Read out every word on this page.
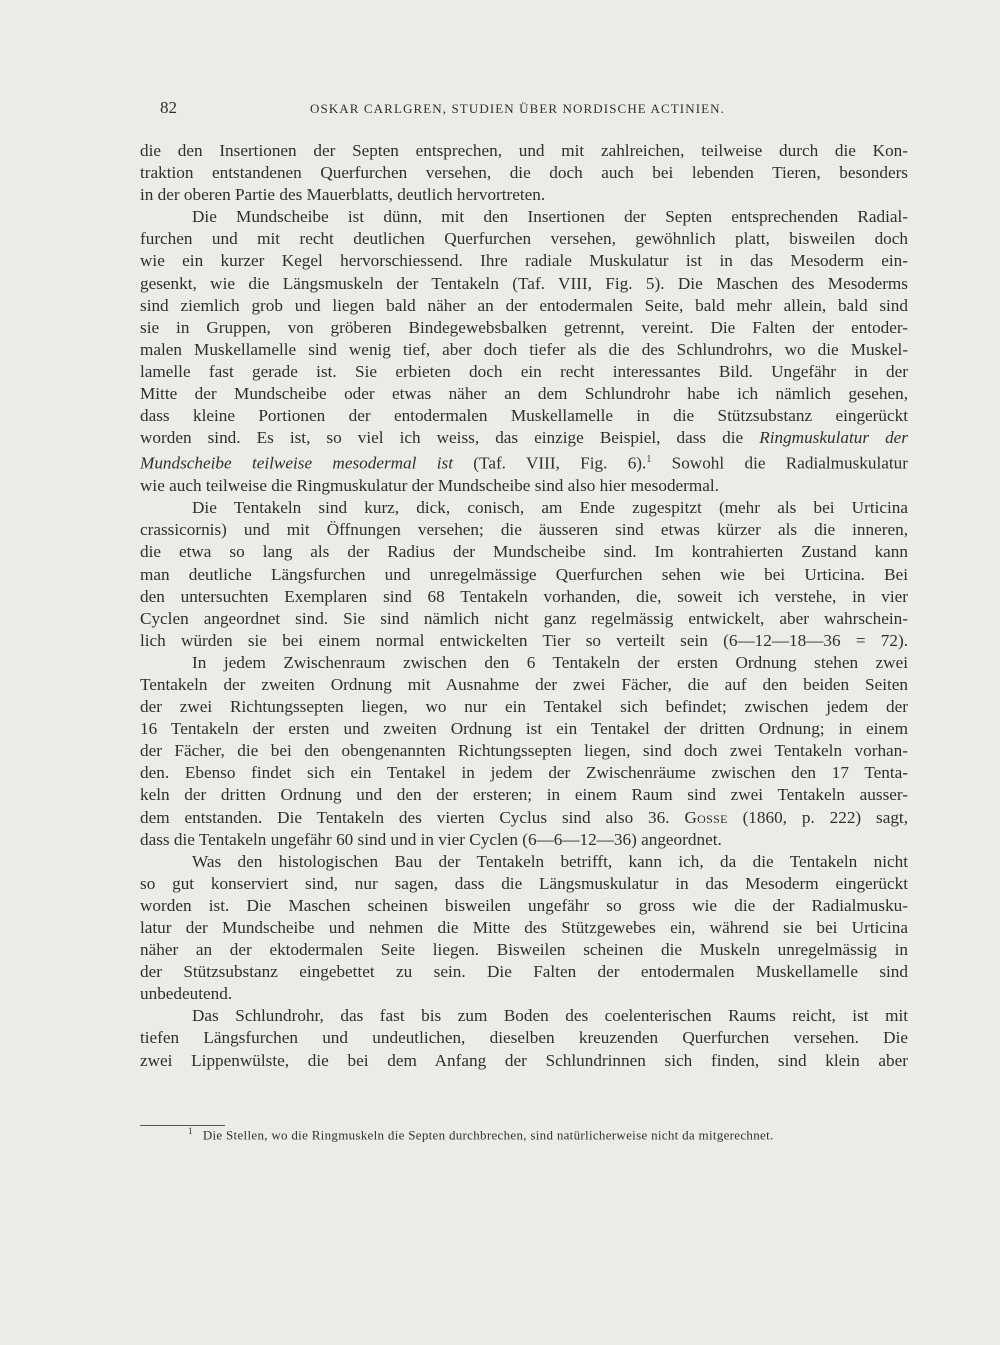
82	OSKAR CARLGREN, STUDIEN ÜBER NORDISCHE ACTINIEN.

die den Insertionen der Septen entsprechen, und mit zahlreichen, teilweise durch die Kon-
traktion entstandenen Querfurchen versehen, die doch auch bei lebenden Tieren, besonders
in der oberen Partie des Mauerblatts, deutlich hervortreten.

Die Mundscheibe ist dünn, mit den Insertionen der Septen entsprechenden Radial-
furchen und mit recht deutlichen Querfurchen versehen, gewöhnlich platt, bisweilen doch
wie ein kurzer Kegel hervorschiessend. Ihre radiale Muskulatur ist in das Mesoderm ein-
gesenkt, wie die Längsmuskeln der Tentakeln (Taf. VIII, Fig. 5). Die Maschen des Mesoderms
sind ziemlich grob und liegen bald näher an der entodermalen Seite, bald mehr allein, bald sind
sie in Gruppen, von gröberen Bindegewebsbalken getrennt, vereint. Die Falten der entoder-
malen Muskellamelle sind wenig tief, aber doch tiefer als die des Schlundrohrs, wo die Muskel-
lamelle fast gerade ist. Sie erbieten doch ein recht interessantes Bild. Ungefähr in der
Mitte der Mundscheibe oder etwas näher an dem Schlundrohr habe ich nämlich gesehen,
dass kleine Portionen der entodermalen Muskellamelle in die Stützsubstanz eingerückt
worden sind. Es ist, so viel ich weiss, das einzige Beispiel, dass die Ringmuskulatur der
Mundscheibe teilweise mesodermal ist (Taf. VIII, Fig. 6).$^1$ Sowohl die Radialmuskulatur
wie auch teilweise die Ringmuskulatur der Mundscheibe sind also hier mesodermal.

Die Tentakeln sind kurz, dick, conisch, am Ende zugespitzt (mehr als bei Urticina
crassicornis) und mit Öffnungen versehen; die äusseren sind etwas kürzer als die inneren,
die etwa so lang als der Radius der Mundscheibe sind. Im kontrahierten Zustand kann
man deutliche Längsfurchen und unregelmässige Querfurchen sehen wie bei Urticina. Bei
den untersuchten Exemplaren sind 68 Tentakeln vorhanden, die, soweit ich verstehe, in vier
Cyclen angeordnet sind. Sie sind nämlich nicht ganz regelmässig entwickelt, aber wahrschein-
lich würden sie bei einem normal entwickelten Tier so verteilt sein (6—12—18—36 = 72).

In jedem Zwischenraum zwischen den 6 Tentakeln der ersten Ordnung stehen zwei
Tentakeln der zweiten Ordnung mit Ausnahme der zwei Fächer, die auf den beiden Seiten
der zwei Richtungssepten liegen, wo nur ein Tentakel sich befindet; zwischen jedem der
16 Tentakeln der ersten und zweiten Ordnung ist ein Tentakel der dritten Ordnung; in einem
der Fächer, die bei den obengenannten Richtungssepten liegen, sind doch zwei Tentakeln vorhan-
den. Ebenso findet sich ein Tentakel in jedem der Zwischenräume zwischen den 17 Tenta-
keln der dritten Ordnung und den der ersteren; in einem Raum sind zwei Tentakeln ausser-
dem entstanden. Die Tentakeln des vierten Cyclus sind also 36. Gosse (1860, p. 222) sagt,
dass die Tentakeln ungefähr 60 sind und in vier Cyclen (6—6—12—36) angeordnet.

Was den histologischen Bau der Tentakeln betrifft, kann ich, da die Tentakeln nicht
so gut konserviert sind, nur sagen, dass die Längsmuskulatur in das Mesoderm eingerückt
worden ist. Die Maschen scheinen bisweilen ungefähr so gross wie die der Radialmusku-
latur der Mundscheibe und nehmen die Mitte des Stützgewebes ein, während sie bei Urticina
näher an der ektodermalen Seite liegen. Bisweilen scheinen die Muskeln unregelmässig in
der Stützsubstanz eingebettet zu sein. Die Falten der entodermalen Muskellamelle sind
unbedeutend.

Das Schlundrohr, das fast bis zum Boden des coelenterischen Raums reicht, ist mit
tiefen Längsfurchen und undeutlichen, dieselben kreuzenden Querfurchen versehen. Die
zwei Lippenwülste, die bei dem Anfang der Schlundrinnen sich finden, sind klein aber

$^1$ Die Stellen, wo die Ringmuskeln die Septen durchbrechen, sind natürlicherweise nicht da mitgerechnet.
